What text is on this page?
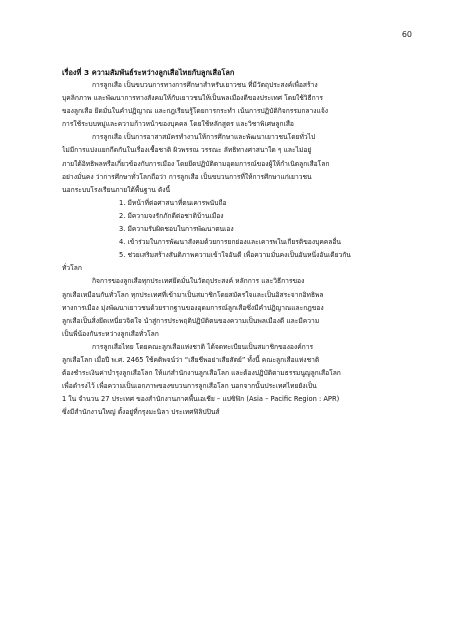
60
เรื่องที่ 3 ความสัมพันธ์ระหว่างลูกเสือไทยกับลูกเสือโลก
การลูกเสือ เป็นขบวนการทางการศึกษาสำหรับเยาวชน ที่มีวัตถุประสงค์เพื่อสร้าง
บุคลิกภาพ และพัฒนาการทางสังคมให้กับเยาวชนให้เป็นพลเมืองดีของประเทศ โดยใช้วิธีการ
ของลูกเสือ ยึดมั่นในคำปฏิญาณ และกฎเรียนรู้โดยการกระทำ เน้นการปฏิบัติกิจกรรมกลางแจ้ง
การใช้ระบบหมู่และความก้าวหน้าของบุคคล โดยใช้หลักสูตร และวิชาพิเศษลูกเสือ
การลูกเสือ เป็นการอาสาสมัครทำงานให้การศึกษาและพัฒนาเยาวชนโดยทั่วไป
ไม่มีการแบ่งแยกกีดกันในเรื่องเชื้อชาติ ผิวพรรณ วรรณะ ลัทธิทางศาสนาใด ๆ และไม่อยู่
ภายใต้อิทธิพลหรือเกี่ยวข้องกับการเมือง โดยยึดปฏิบัติตามอุดมการณ์ของผู้ให้กำเนิดลูกเสือโลก
อย่างมั่นคง ว่าการศึกษาทั่วโลกถือว่า การลูกเสือ เป็นขบวนการที่ให้การศึกษาแก่เยาวชน
นอกระบบโรงเรียนภายใต้พื้นฐาน ดังนี้
1. มีหน้าที่ต่อศาสนาที่ตนเคารพนับถือ
2. มีความจงรักภักดีต่อชาติบ้านเมือง
3. มีความรับผิดชอบในการพัฒนาตนเอง
4. เข้าร่วมในการพัฒนาสังคมด้วยการยกย่องและเคารพในเกียรติของบุคคลอื่น
5. ช่วยเสริมสร้างสันติภาพความเข้าใจอันดี เพื่อความมั่นคงเป็นอันหนึ่งอันเดียวกัน
ทั่วโลก
กิจการของลูกเสือทุกประเทศยึดมั่นในวัตถุประสงค์ หลักการ และวิธีการของ
ลูกเสือเหมือนกันทั่วโลก ทุกประเทศที่เข้ามาเป็นสมาชิกโดยสมัครใจและเป็นอิสระจากอิทธิพล
ทางการเมือง มุ่งพัฒนาเยาวชนด้วยรากฐานของอุดมการณ์ลูกเสือซึ่งมีคำปฏิญาณและกฎของ
ลูกเสือเป็นสิ่งยึดเหนี่ยวจิตใจ นำสู่การประพฤติปฏิบัติตนของความเป็นพลเมืองดี และมีความ
เป็นพี่น้องกันระหว่างลูกเสือทั่วโลก
การลูกเสือไทย โดยคณะลูกเสือแห่งชาติ ได้จดทะเบียนเป็นสมาชิกขององค์การ
ลูกเสือโลก เมื่อปี พ.ศ. 2465 ใช้คติพจน์ว่า “เสียชีพอย่าเสียสัตย์” ทั้งนี้ คณะลูกเสือแห่งชาติ
ต้องชำระเงินค่าบำรุงลูกเสือโลก ให้แก่สำนักงานลูกเสือโลก และต้องปฏิบัติตามธรรมนูญลูกเสือโลก
เพื่อดำรงไว้ เพื่อความเป็นเอกภาพของขบวนการลูกเสือโลก นอกจากนั้นประเทศไทยยังเป็น
1 ใน จำนวน 27 ประเทศ ของสำนักงานภาคพื้นเอเชีย – แปซิฟิก (Asia – Pacific Region : APR)
ซึ่งมีสำนักงานใหญ่ ตั้งอยู่ที่กรุงมะนิลา ประเทศฟิลิปปินส์
